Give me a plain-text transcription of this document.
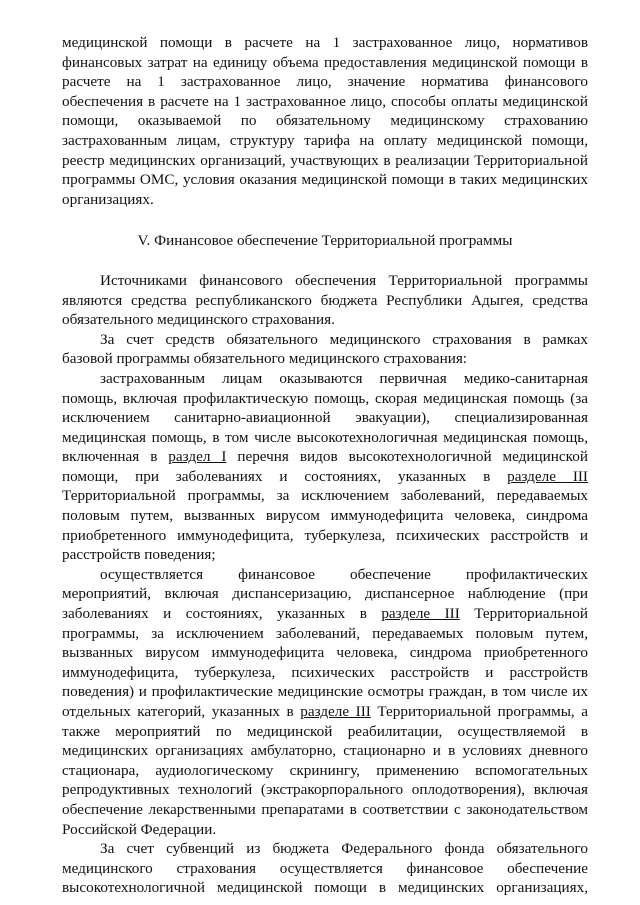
медицинской помощи в расчете на 1 застрахованное лицо, нормативов
финансовых затрат на единицу объема предоставления медицинской помощи в
расчете на 1 застрахованное лицо, значение норматива финансового
обеспечения в расчете на 1 застрахованное лицо, способы оплаты медицинской
помощи, оказываемой по обязательному медицинскому страхованию
застрахованным лицам, структуру тарифа на оплату медицинской помощи,
реестр медицинских организаций, участвующих в реализации Территориальной
программы ОМС, условия оказания медицинской помощи в таких медицинских
организациях.
V. Финансовое обеспечение Территориальной программы
Источниками финансового обеспечения Территориальной программы
являются средства республиканского бюджета Республики Адыгея, средства
обязательного медицинского страхования.
За счет средств обязательного медицинского страхования в рамках
базовой программы обязательного медицинского страхования:
застрахованным лицам оказываются первичная медико-санитарная
помощь, включая профилактическую помощь, скорая медицинская помощь (за
исключением санитарно-авиационной эвакуации), специализированная
медицинская помощь, в том числе высокотехнологичная медицинская помощь,
включенная в раздел I перечня видов высокотехнологичной медицинской
помощи, при заболеваниях и состояниях, указанных в разделе III
Территориальной программы, за исключением заболеваний, передаваемых
половым путем, вызванных вирусом иммунодефицита человека, синдрома
приобретенного иммунодефицита, туберкулеза, психических расстройств и
расстройств поведения;
осуществляется финансовое обеспечение профилактических
мероприятий, включая диспансеризацию, диспансерное наблюдение (при
заболеваниях и состояниях, указанных в разделе III Территориальной
программы, за исключением заболеваний, передаваемых половым путем,
вызванных вирусом иммунодефицита человека, синдрома приобретенного
иммунодефицита, туберкулеза, психических расстройств и расстройств
поведения) и профилактические медицинские осмотры граждан, в том числе их
отдельных категорий, указанных в разделе III Территориальной программы, а
также мероприятий по медицинской реабилитации, осуществляемой в
медицинских организациях амбулаторно, стационарно и в условиях дневного
стационара, аудиологическому скринингу, применению вспомогательных
репродуктивных технологий (экстракорпорального оплодотворения), включая
обеспечение лекарственными препаратами в соответствии с законодательством
Российской Федерации.
За счет субвенций из бюджета Федерального фонда обязательного
медицинского страхования осуществляется финансовое обеспечение
высокотехнологичной медицинской помощи в медицинских организациях,
